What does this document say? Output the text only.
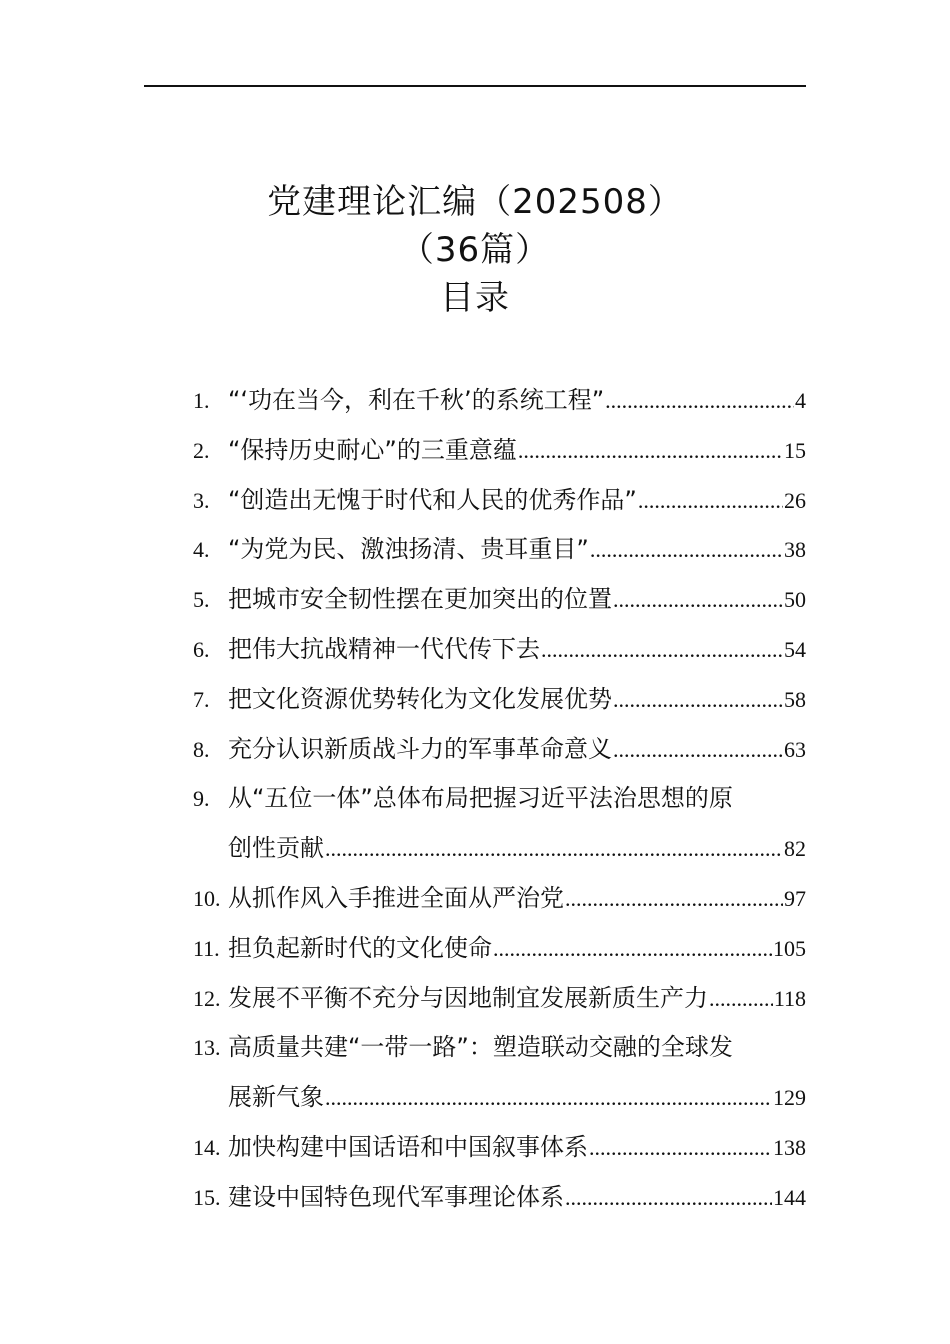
党建理论汇编（202508）
（36篇）
目录
1. “‘功在当今，利在千秋’的系统工程” .....	4
2. “保持历史耐心”的三重意蕴 .....	15
3. “创造出无愧于时代和人民的优秀作品” .....	26
4. “为党为民、激浊扬清、贵耳重目” .....	38
5. 把城市安全韧性摆在更加突出的位置 .....	50
6. 把伟大抗战精神一代代传下去 .....	54
7. 把文化资源优势转化为文化发展优势 .....	58
8. 充分认识新质战斗力的军事革命意义 .....	63
9. 从“五位一体”总体布局把握习近平法治思想的原
创性贡献 .....	82
10. 从抓作风入手推进全面从严治党 .....	97
11. 担负起新时代的文化使命 .....	105
12. 发展不平衡不充分与因地制宜发展新质生产力 .....	118
13. 高质量共建“一带一路”：塑造联动交融的全球发
展新气象 .....	129
14. 加快构建中国话语和中国叙事体系 .....	138
15. 建设中国特色现代军事理论体系 .....	144
